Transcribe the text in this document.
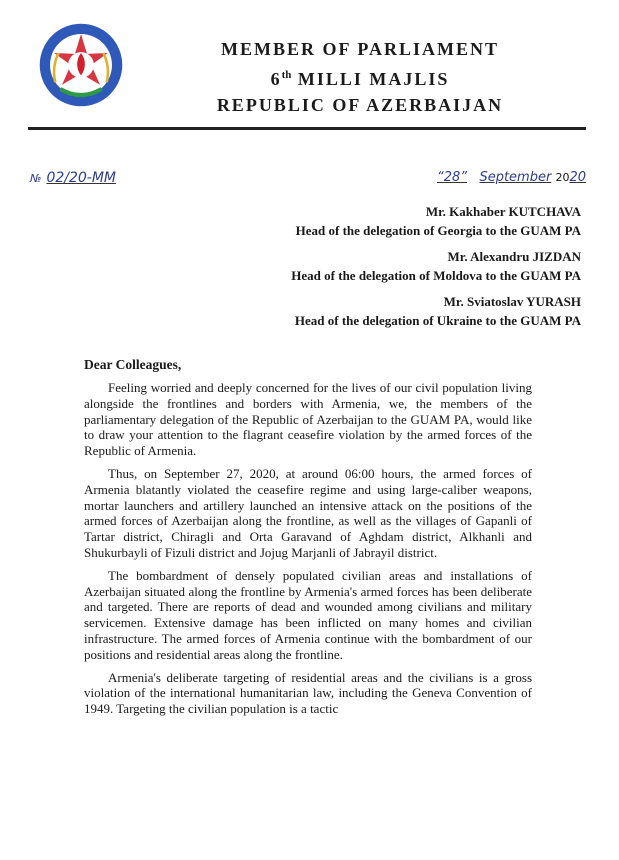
MEMBER OF PARLIAMENT
6th MILLI MAJLIS
REPUBLIC OF AZERBAIJAN
№ 02/20-MM	“28” September 2020
Mr. Kakhaber KUTCHAVA
Head of the delegation of Georgia to the GUAM PA
Mr. Alexandru JIZDAN
Head of the delegation of Moldova to the GUAM PA
Mr. Sviatoslav YURASH
Head of the delegation of Ukraine to the GUAM PA
Dear Colleagues,

Feeling worried and deeply concerned for the lives of our civil population living alongside the frontlines and borders with Armenia, we, the members of the parliamentary delegation of the Republic of Azerbaijan to the GUAM PA, would like to draw your attention to the flagrant ceasefire violation by the armed forces of the Republic of Armenia.

Thus, on September 27, 2020, at around 06:00 hours, the armed forces of Armenia blatantly violated the ceasefire regime and using large-caliber weapons, mortar launchers and artillery launched an intensive attack on the positions of the armed forces of Azerbaijan along the frontline, as well as the villages of Gapanli of Tartar district, Chiragli and Orta Garavand of Aghdam district, Alkhanli and Shukurbayli of Fizuli district and Jojug Marjanli of Jabrayil district.

The bombardment of densely populated civilian areas and installations of Azerbaijan situated along the frontline by Armenia's armed forces has been deliberate and targeted. There are reports of dead and wounded among civilians and military servicemen. Extensive damage has been inflicted on many homes and civilian infrastructure. The armed forces of Armenia continue with the bombardment of our positions and residential areas along the frontline.

Armenia's deliberate targeting of residential areas and the civilians is a gross violation of the international humanitarian law, including the Geneva Convention of 1949. Targeting the civilian population is a tactic
